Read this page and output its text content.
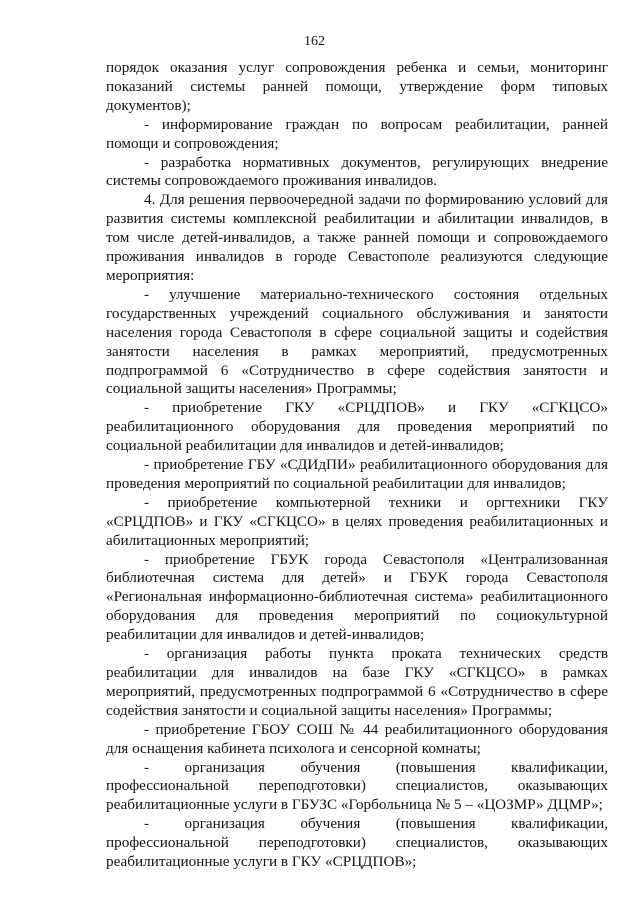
162

порядок оказания услуг сопровождения ребенка и семьи, мониторинг показаний системы ранней помощи, утверждение форм типовых документов);

- информирование граждан по вопросам реабилитации, ранней помощи и сопровождения;

- разработка нормативных документов, регулирующих внедрение системы сопровождаемого проживания инвалидов.

4. Для решения первоочередной задачи по формированию условий для развития системы комплексной реабилитации и абилитации инвалидов, в том числе детей-инвалидов, а также ранней помощи и сопровождаемого проживания инвалидов в городе Севастополе реализуются следующие мероприятия:

- улучшение материально-технического состояния отдельных государственных учреждений социального обслуживания и занятости населения города Севастополя в сфере социальной защиты и содействия занятости населения в рамках мероприятий, предусмотренных подпрограммой 6 «Сотрудничество в сфере содействия занятости и социальной защиты населения» Программы;

- приобретение ГКУ «СРЦДПОВ» и ГКУ «СГКЦСО» реабилитационного оборудования для проведения мероприятий по социальной реабилитации для инвалидов и детей-инвалидов;

- приобретение ГБУ «СДИдПИ» реабилитационного оборудования для проведения мероприятий по социальной реабилитации для инвалидов;

- приобретение компьютерной техники и оргтехники ГКУ «СРЦДПОВ» и ГКУ «СГКЦСО» в целях проведения реабилитационных и абилитационных мероприятий;

- приобретение ГБУК города Севастополя «Централизованная библиотечная система для детей» и ГБУК города Севастополя «Региональная информационно-библиотечная система» реабилитационного оборудования для проведения мероприятий по социокультурной реабилитации для инвалидов и детей-инвалидов;

- организация работы пункта проката технических средств реабилитации для инвалидов на базе ГКУ «СГКЦСО» в рамках мероприятий, предусмотренных подпрограммой 6 «Сотрудничество в сфере содействия занятости и социальной защиты населения» Программы;

- приобретение ГБОУ СОШ № 44 реабилитационного оборудования для оснащения кабинета психолога и сенсорной комнаты;

- организация обучения (повышения квалификации, профессиональной переподготовки) специалистов, оказывающих реабилитационные услуги в ГБУЗС «Горбольница № 5 – «ЦОЗМР» ДЦМР»;

- организация обучения (повышения квалификации, профессиональной переподготовки) специалистов, оказывающих реабилитационные услуги в ГКУ «СРЦДПОВ»;
